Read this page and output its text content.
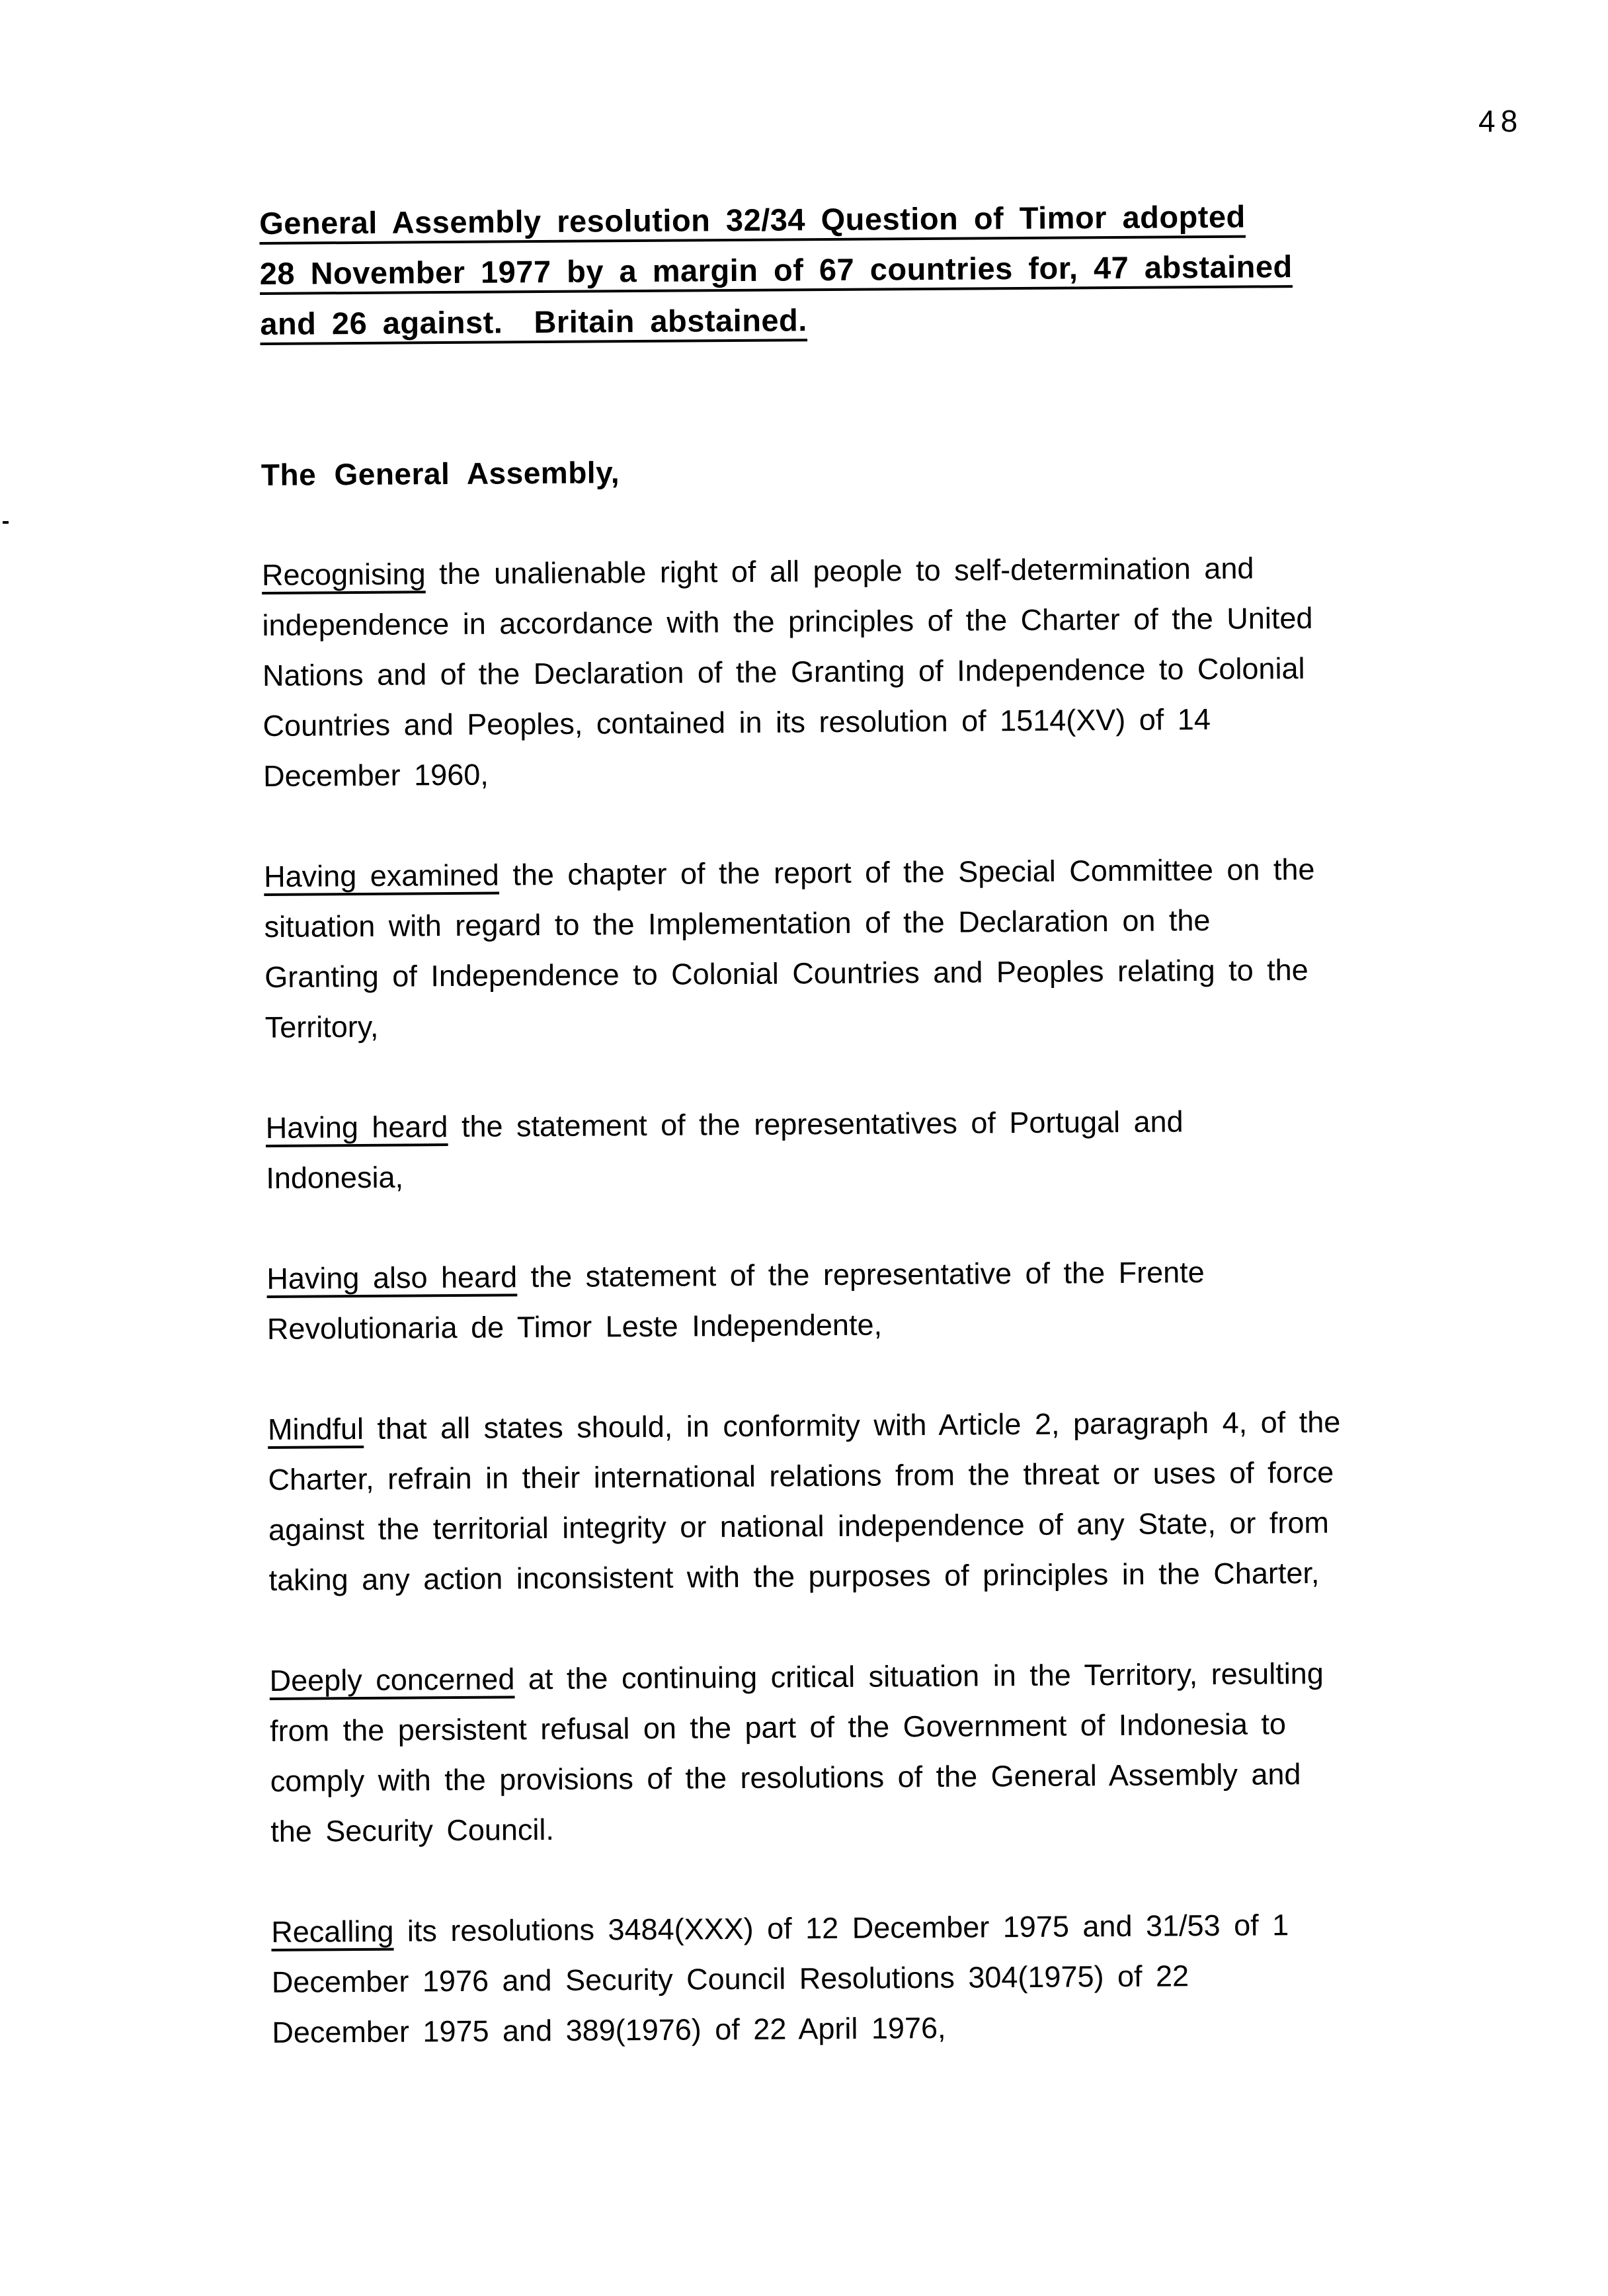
48
General Assembly resolution 32/34 Question of Timor adopted
28 November 1977 by a margin of 67 countries for, 47 abstained
and 26 against.  Britain abstained.
The General Assembly,
Recognising the unalienable right of all people to self-determination and
independence in accordance with the principles of the Charter of the United
Nations and of the Declaration of the Granting of Independence to Colonial
Countries and Peoples, contained in its resolution of 1514(XV) of 14
December 1960,
Having examined the chapter of the report of the Special Committee on the
situation with regard to the Implementation of the Declaration on the
Granting of Independence to Colonial Countries and Peoples relating to the
Territory,
Having heard the statement of the representatives of Portugal and
Indonesia,
Having also heard the statement of the representative of the Frente
Revolutionaria de Timor Leste Independente,
Mindful that all states should, in conformity with Article 2, paragraph 4, of the
Charter, refrain in their international relations from the threat or uses of force
against the territorial integrity or national independence of any State, or from
taking any action inconsistent with the purposes of principles in the Charter,
Deeply concerned at the continuing critical situation in the Territory, resulting
from the persistent refusal on the part of the Government of Indonesia to
comply with the provisions of the resolutions of the General Assembly and
the Security Council.
Recalling its resolutions 3484(XXX) of 12 December 1975 and 31/53 of 1
December 1976 and Security Council Resolutions 304(1975) of 22
December 1975 and 389(1976) of 22 April 1976,
